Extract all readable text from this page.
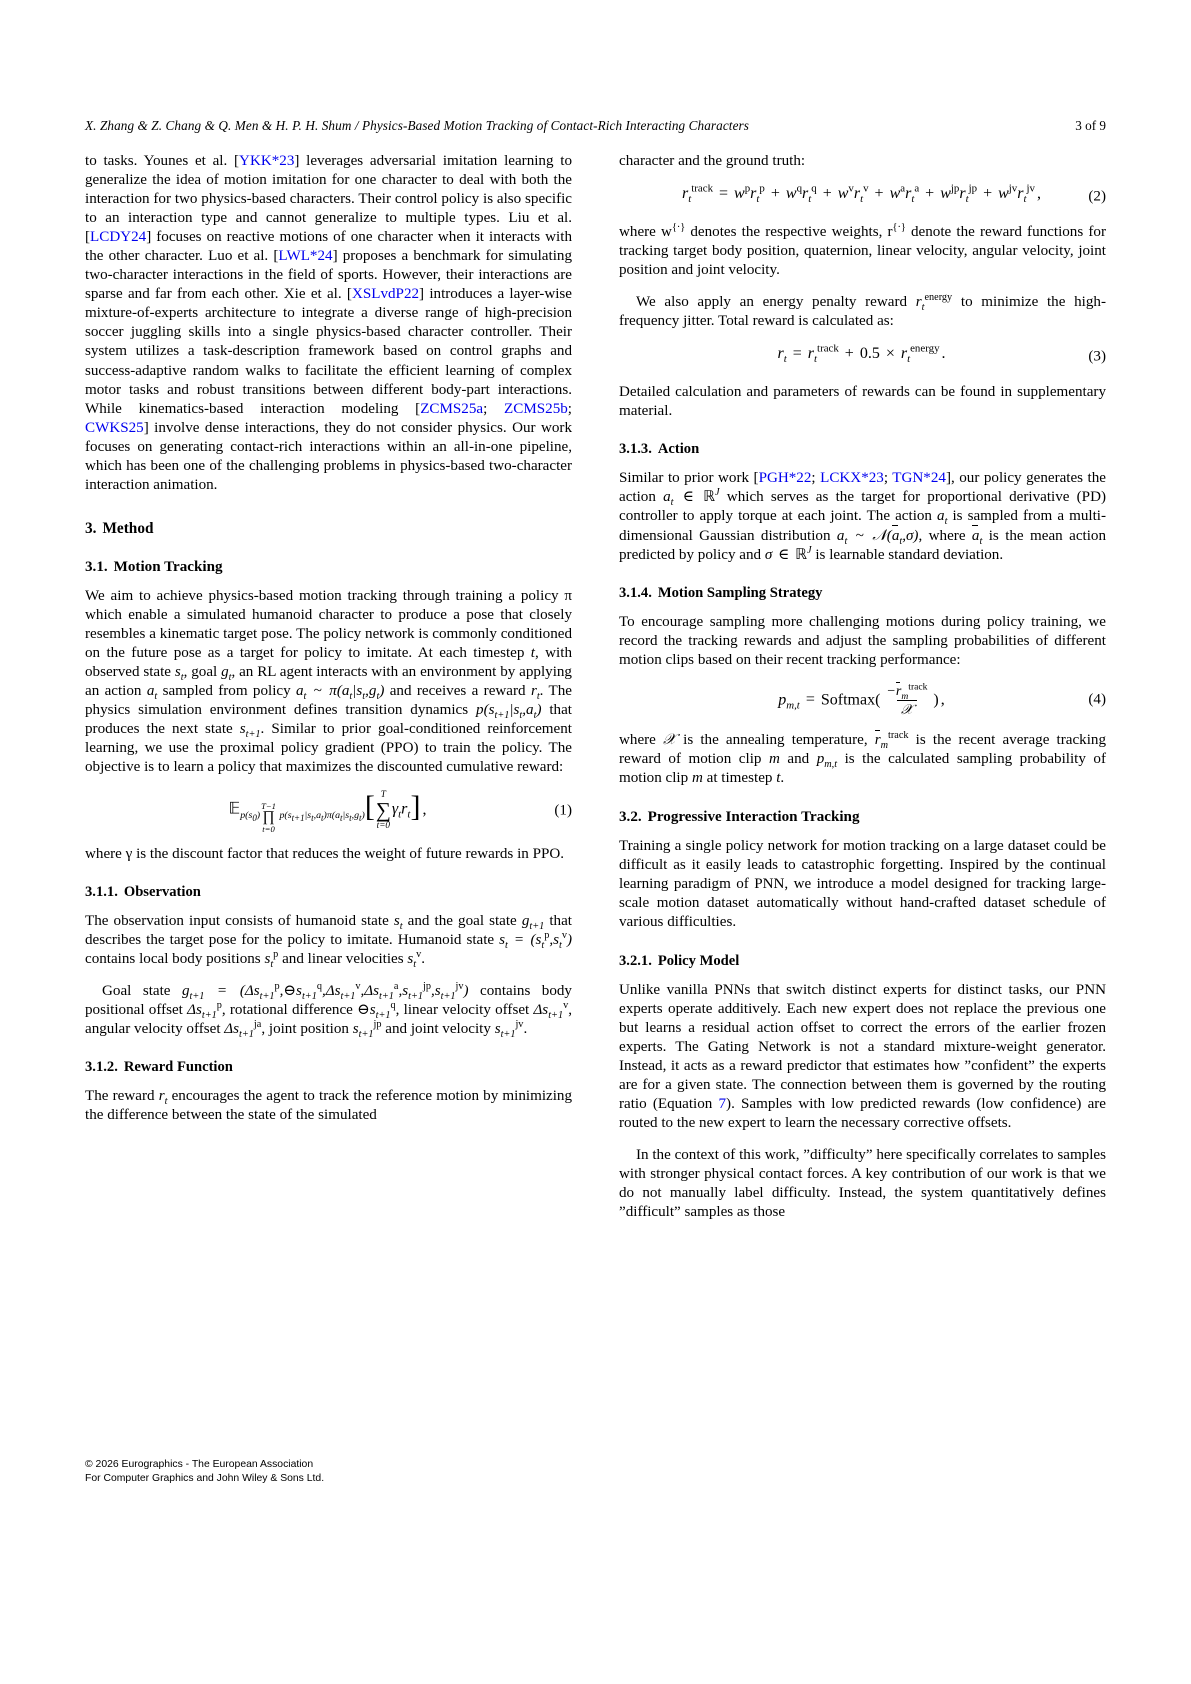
X. Zhang & Z. Chang & Q. Men & H. P. H. Shum / Physics-Based Motion Tracking of Contact-Rich Interacting Characters	3 of 9

to tasks. Younes et al. [YKK*23] leverages adversarial imitation learning to generalize the idea of motion imitation for one character to deal with both the interaction for two physics-based characters. Their control policy is also specific to an interaction type and cannot generalize to multiple types. Liu et al. [LCDY24] focuses on reactive motions of one character when it interacts with the other character. Luo et al. [LWL*24] proposes a benchmark for simulating two-character interactions in the field of sports. However, their interactions are sparse and far from each other. Xie et al. [XSLvdP22] introduces a layer-wise mixture-of-experts architecture to integrate a diverse range of high-precision soccer juggling skills into a single physics-based character controller. Their system utilizes a task-description framework based on control graphs and success-adaptive random walks to facilitate the efficient learning of complex motor tasks and robust transitions between different body-part interactions. While kinematics-based interaction modeling [ZCMS25a; ZCMS25b; CWKS25] involve dense interactions, they do not consider physics. Our work focuses on generating contact-rich interactions within an all-in-one pipeline, which has been one of the challenging problems in physics-based two-character interaction animation.

3. Method
3.1. Motion Tracking

We aim to achieve physics-based motion tracking through training a policy π which enable a simulated humanoid character to produce a pose that closely resembles a kinematic target pose. The policy network is commonly conditioned on the future pose as a target for policy to imitate. At each timestep t, with observed state $s_t$, goal $g_t$, an RL agent interacts with an environment by applying an action $a_t$ sampled from policy $a_t$ ~ $\pi(a_t|s_t,g_t)$ and receives a reward $r_t$. The physics simulation environment defines transition dynamics $p(s_{t+1}|s_t,a_t)$ that produces the next state $s_{t+1}$. Similar to prior goal-conditioned reinforcement learning, we use the proximal policy gradient (PPO) to train the policy. The objective is to learn a policy that maximizes the discounted cumulative reward:

𝔼$_{p(s_0) T-1 \prod t=0 p(s_{t+1}|s_t,a_t)\pi(a_t|s_t,g_t)}$[ T
∑
t=0
$\gamma_tr_t$] ,	(1)

where γ is the discount factor that reduces the weight of future rewards in PPO.

3.1.1. Observation

The observation input consists of humanoid state $s_t$ and the goal state $g_{t+1}$ that describes the target pose for the policy to imitate. Humanoid state $s_t = (s_t^p,s_t^v)$ contains local body positions $s_t^p$ and linear velocities $s_t^v$.

Goal state $g_{t+1}$ = $(\Delta s_{t+1}^p,⊖s_{t+1}^q,\Delta s_{t+1}^v,\Delta s_{t+1}^a,s_{t+1}^{jp},s_{t+1}^{jv})$ contains body positional offset $\Delta s_{t+1}^p$, rotational difference $⊖s_{t+1}^q$, linear velocity offset $\Delta s_{t+1}^v$, angular velocity offset $\Delta s_{t+1}^{ja}$, joint position $s_{t+1}^{jp}$ and joint velocity $s_{t+1}^{jv}$.

3.1.2. Reward Function

The reward $r_t$ encourages the agent to track the reference motion by minimizing the difference between the state of the simulated

character and the ground truth:

$r_t^{track} = w^pr_t^p + w^qr_t^q + w^vr_t^v + w^ar_t^a + w^{jp}r_t^{jp} + w^{jv}r_t^{jv}$ ,	(2)

where w{·} denotes the respective weights, r{·} denote the reward functions for tracking target body position, quaternion, linear velocity, angular velocity, joint position and joint velocity.

We also apply an energy penalty reward $r_t^{energy}$ to minimize the high-frequency jitter. Total reward is calculated as:

$r_t = r_t^{track} + 0.5 \times r_t^{energy}$ .	(3)

Detailed calculation and parameters of rewards can be found in supplementary material.

3.1.3. Action

Similar to prior work [PGH*22; LCKX*23; TGN*24], our policy generates the action $a_t$ ∈ ℝ$^J$ which serves as the target for proportional derivative (PD) controller to apply torque at each joint. The action $a_t$ is sampled from a multi-dimensional Gaussian distribution $a_t$ ~ $𝒩(a_t,\sigma)$, where $a_t$ is the mean action predicted by policy and σ ∈ ℝ$^J$ is learnable standard deviation.

3.1.4. Motion Sampling Strategy

To encourage sampling more challenging motions during policy training, we record the tracking rewards and adjust the sampling probabilities of different motion clips based on their recent tracking performance:

$p_{m,t}$ = Softmax( $\frac{-r_m^{track}}{\text{𝒳}}$ ) ,	(4)

where 𝒳 is the annealing temperature, $r_m^{track}$ is the recent average tracking reward of motion clip m and $p_{m,t}$ is the calculated sampling probability of motion clip m at timestep t.

3.2. Progressive Interaction Tracking

Training a single policy network for motion tracking on a large dataset could be difficult as it easily leads to catastrophic forgetting. Inspired by the continual learning paradigm of PNN, we introduce a model designed for tracking large-scale motion dataset automatically without hand-crafted dataset schedule of various difficulties.

3.2.1. Policy Model

Unlike vanilla PNNs that switch distinct experts for distinct tasks, our PNN experts operate additively. Each new expert does not replace the previous one but learns a residual action offset to correct the errors of the earlier frozen experts. The Gating Network is not a standard mixture-weight generator. Instead, it acts as a reward predictor that estimates how ”confident” the experts are for a given state. The connection between them is governed by the routing ratio (Equation 7). Samples with low predicted rewards (low confidence) are routed to the new expert to learn the necessary corrective offsets.

In the context of this work, ”difficulty” here specifically correlates to samples with stronger physical contact forces. A key contribution of our work is that we do not manually label difficulty. Instead, the system quantitatively defines ”difficult” samples as those

© 2026 Eurographics - The European Association
For Computer Graphics and John Wiley & Sons Ltd.
